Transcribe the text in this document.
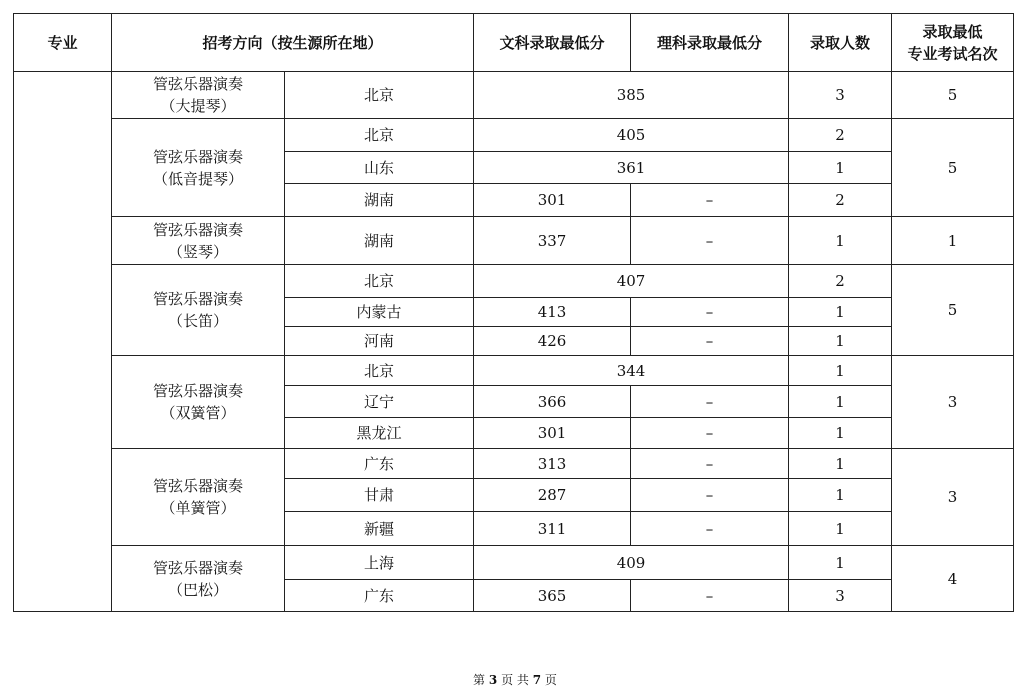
专业	招考方向（按生源所在地）		文科录取最低分	理科录取最低分	录取人数	录取最低
专业考试名次

	管弦乐器演奏
（大提琴）	北京	385		3	5

	管弦乐器演奏
（低音提琴）	北京	405		2	5
		山东	361		1	
		湖南	301	–	2	

	管弦乐器演奏
（竖琴）	湖南	337	–	1	1

	管弦乐器演奏
（长笛）	北京	407		2	5
		内蒙古	413	–	1	
		河南	426	–	1	

	管弦乐器演奏
（双簧管）	北京	344		1	3
		辽宁	366	–	1	
		黑龙江	301	–	1	

	管弦乐器演奏
（单簧管）	广东	313	–	1	3
		甘肃	287	–	1	
		新疆	311	–	1	

	管弦乐器演奏
（巴松）	上海	409		1	4
		广东	365	–	3	
第 3 页 共 7 页
